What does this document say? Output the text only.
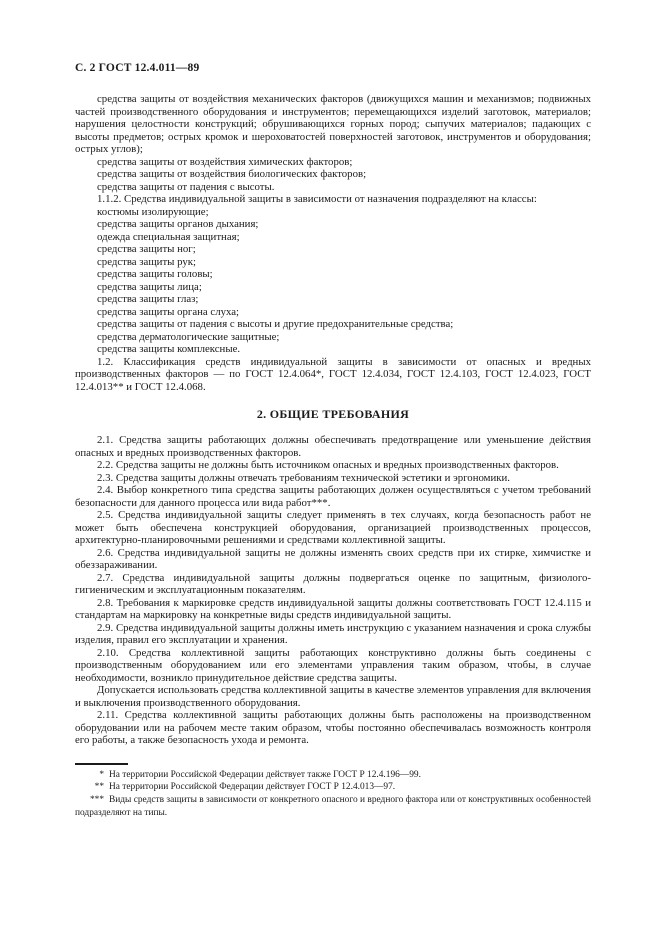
С. 2 ГОСТ 12.4.011—89

средства защиты от воздействия механических факторов (движущихся машин и механизмов; подвижных частей производственного оборудования и инструментов; перемещающихся изделий заготовок, материалов; нарушения целостности конструкций; обрушивающихся горных пород; сыпучих материалов; падающих с высоты предметов; острых кромок и шероховатостей поверхностей заготовок, инструментов и оборудования; острых углов);

средства защиты от воздействия химических факторов;

средства защиты от воздействия биологических факторов;

средства защиты от падения с высоты.

1.1.2. Средства индивидуальной защиты в зависимости от назначения подразделяют на классы:

костюмы изолирующие;

средства защиты органов дыхания;

одежда специальная защитная;

средства защиты ног;

средства защиты рук;

средства защиты головы;

средства защиты лица;

средства защиты глаз;

средства защиты органа слуха;

средства защиты от падения с высоты и другие предохранительные средства;

средства дерматологические защитные;

средства защиты комплексные.

1.2. Классификация средств индивидуальной защиты в зависимости от опасных и вредных производственных факторов — по ГОСТ 12.4.064*, ГОСТ 12.4.034, ГОСТ 12.4.103, ГОСТ 12.4.023, ГОСТ 12.4.013** и ГОСТ 12.4.068.

2. ОБЩИЕ ТРЕБОВАНИЯ

2.1. Средства защиты работающих должны обеспечивать предотвращение или уменьшение действия опасных и вредных производственных факторов.

2.2. Средства защиты не должны быть источником опасных и вредных производственных факторов.

2.3. Средства защиты должны отвечать требованиям технической эстетики и эргономики.

2.4. Выбор конкретного типа средства защиты работающих должен осуществляться с учетом требований безопасности для данного процесса или вида работ***.

2.5. Средства индивидуальной защиты следует применять в тех случаях, когда безопасность работ не может быть обеспечена конструкцией оборудования, организацией производственных процессов, архитектурно-планировочными решениями и средствами коллективной защиты.

2.6. Средства индивидуальной защиты не должны изменять своих средств при их стирке, химчистке и обеззараживании.

2.7. Средства индивидуальной защиты должны подвергаться оценке по защитным, физиолого-гигиеническим и эксплуатационным показателям.

2.8. Требования к маркировке средств индивидуальной защиты должны соответствовать ГОСТ 12.4.115 и стандартам на маркировку на конкретные виды средств индивидуальной защиты.

2.9. Средства индивидуальной защиты должны иметь инструкцию с указанием назначения и срока службы изделия, правил его эксплуатации и хранения.

2.10. Средства коллективной защиты работающих конструктивно должны быть соединены с производственным оборудованием или его элементами управления таким образом, чтобы, в случае необходимости, возникло принудительное действие средства защиты.

Допускается использовать средства коллективной защиты в качестве элементов управления для включения и выключения производственного оборудования.

2.11. Средства коллективной защиты работающих должны быть расположены на производственном оборудовании или на рабочем месте таким образом, чтобы постоянно обеспечивалась возможность контроля его работы, а также безопасность ухода и ремонта.

* На территории Российской Федерации действует также ГОСТ Р 12.4.196—99.

** На территории Российской Федерации действует ГОСТ Р 12.4.013—97.

*** Виды средств защиты в зависимости от конкретного опасного и вредного фактора или от конструктивных особенностей подразделяют на типы.
